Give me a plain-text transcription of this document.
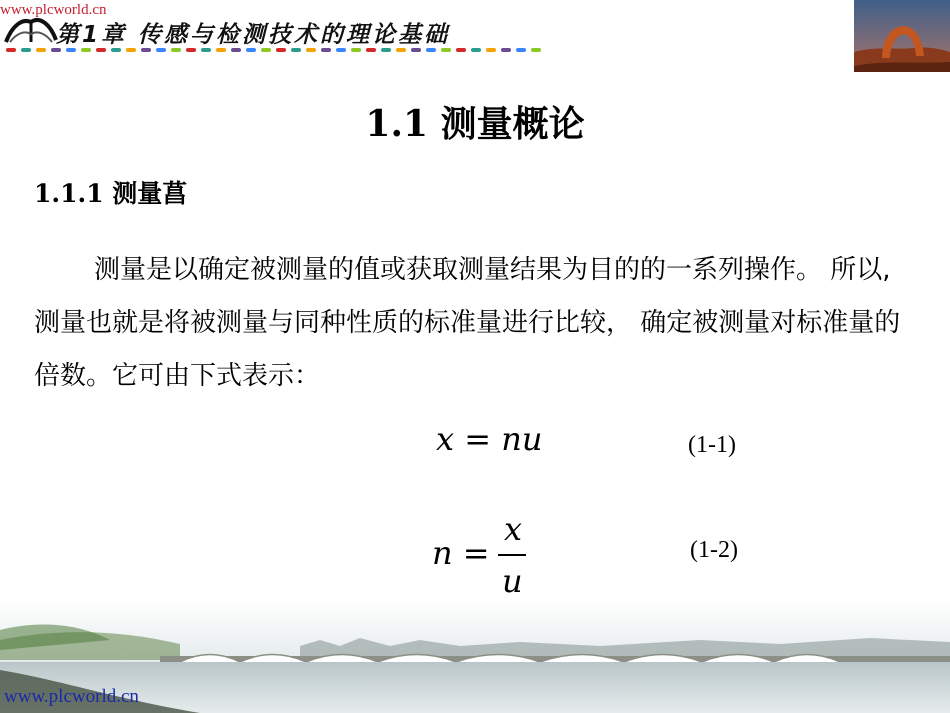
www.plcworld.cn
第1章 传感与检测技术的理论基础
1.1 测量概论
1.1.1 测量菖
测量是以确定被测量的值或获取测量结果为目的的一系列操作。 所以, 测量也就是将被测量与同种性质的标准量进行比较， 确定被测量对标准量的倍数。它可由下式表示：
x = nu	(1-1)
n =
x
u
(1-2)
www.plcworld.cn
